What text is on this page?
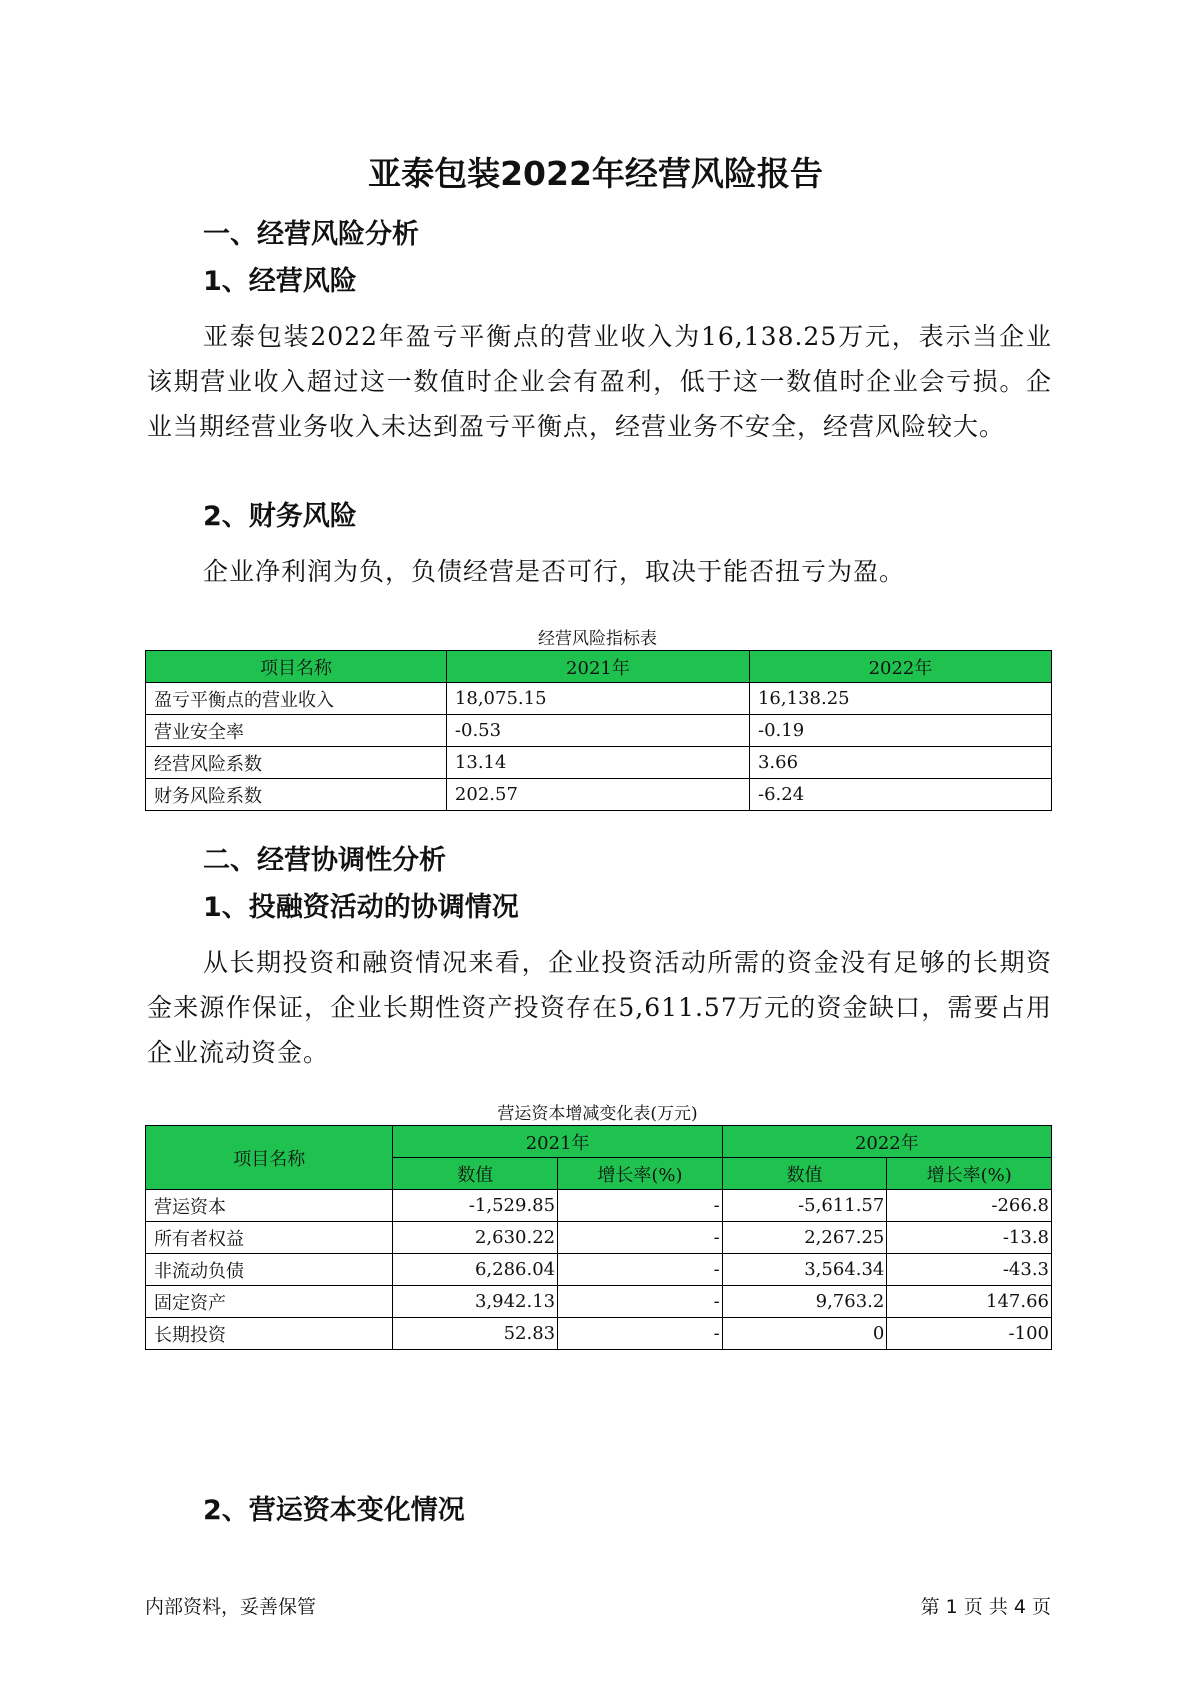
亚泰包装2022年经营风险报告
一、经营风险分析
1、经营风险

亚泰包装2022年盈亏平衡点的营业收入为16,138.25万元，表示当企业该期营业收入超过这一数值时企业会有盈利，低于这一数值时企业会亏损。企业当期经营业务收入未达到盈亏平衡点，经营业务不安全，经营风险较大。

2、财务风险

企业净利润为负，负债经营是否可行，取决于能否扭亏为盈。

经营风险指标表

项目名称	2021年	2022年
盈亏平衡点的营业收入	18,075.15	16,138.25
营业安全率	-0.53	-0.19
经营风险系数	13.14	3.66
财务风险系数	202.57	-6.24
二、经营协调性分析
1、投融资活动的协调情况

从长期投资和融资情况来看，企业投资活动所需的资金没有足够的长期资金来源作保证，企业长期性资产投资存在5,611.57万元的资金缺口，需要占用企业流动资金。

营运资本增减变化表(万元)

项目名称	2021年		2022年	
	数值	增长率(%)	数值	增长率(%)
营运资本	-1,529.85	-	-5,611.57	-266.8
所有者权益	2,630.22	-	2,267.25	-13.8
非流动负债	6,286.04	-	3,564.34	-43.3
固定资产	3,942.13	-	9,763.2	147.66
长期投资	52.83	-	0	-100
2、营运资本变化情况
内部资料，妥善保管	第 1 页 共 4 页
